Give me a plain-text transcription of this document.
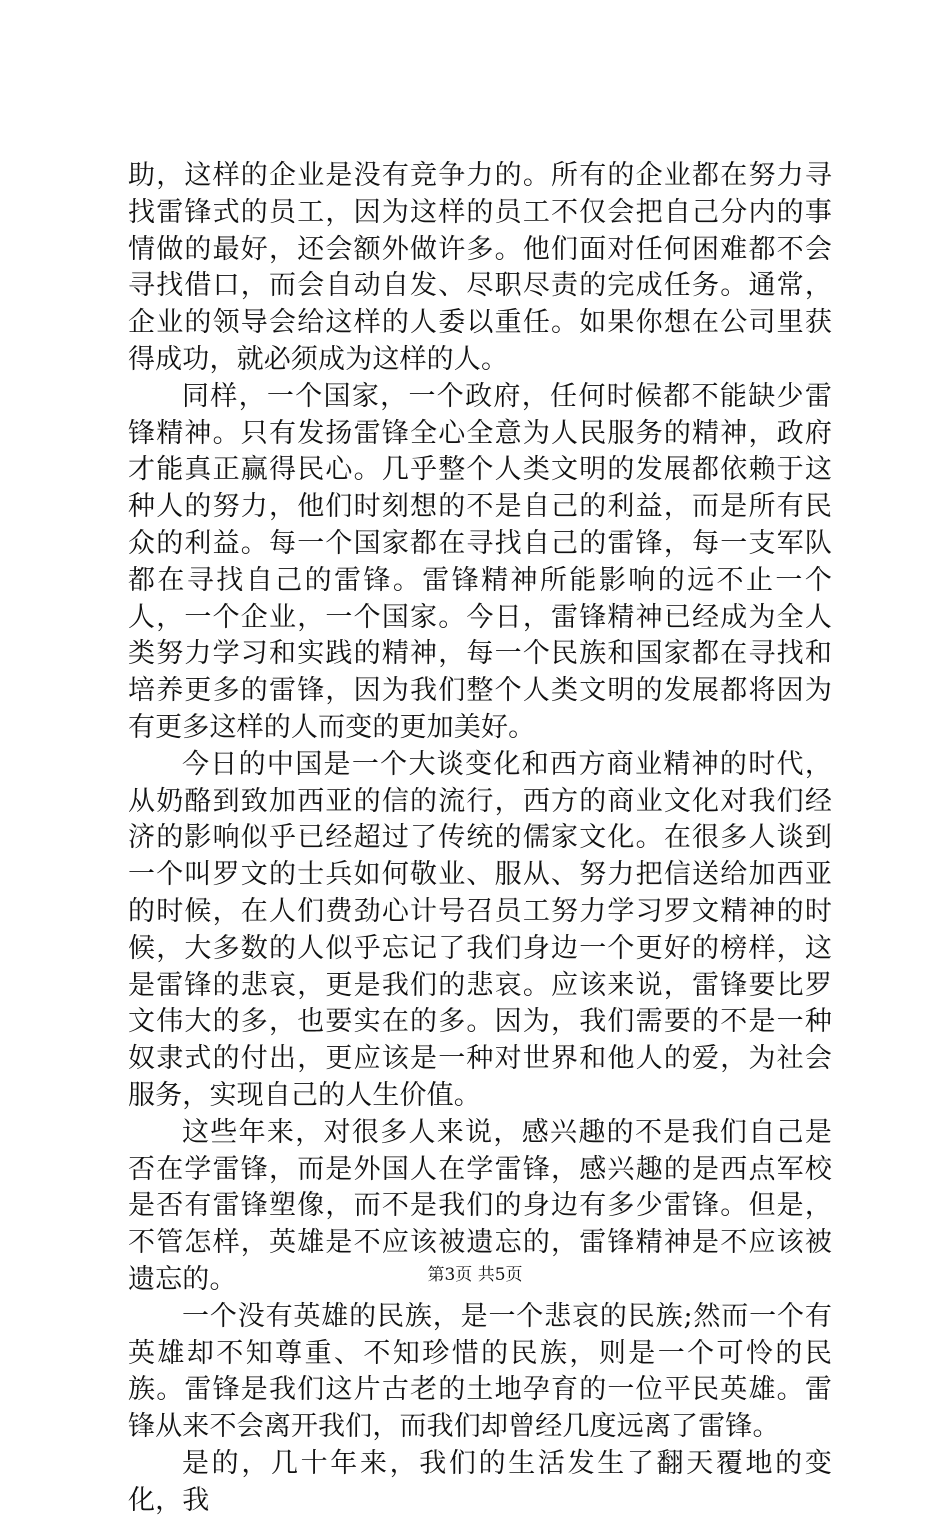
助，这样的企业是没有竞争力的。所有的企业都在努力寻找雷锋式的员工，因为这样的员工不仅会把自己分内的事情做的最好，还会额外做许多。他们面对任何困难都不会寻找借口，而会自动自发、尽职尽责的完成任务。通常，企业的领导会给这样的人委以重任。如果你想在公司里获得成功，就必须成为这样的人。

同样，一个国家，一个政府，任何时候都不能缺少雷锋精神。只有发扬雷锋全心全意为人民服务的精神，政府才能真正赢得民心。几乎整个人类文明的发展都依赖于这种人的努力，他们时刻想的不是自己的利益，而是所有民众的利益。每一个国家都在寻找自己的雷锋，每一支军队都在寻找自己的雷锋。雷锋精神所能影响的远不止一个人，一个企业，一个国家。今日，雷锋精神已经成为全人类努力学习和实践的精神，每一个民族和国家都在寻找和培养更多的雷锋，因为我们整个人类文明的发展都将因为有更多这样的人而变的更加美好。

今日的中国是一个大谈变化和西方商业精神的时代，从奶酪到致加西亚的信的流行，西方的商业文化对我们经济的影响似乎已经超过了传统的儒家文化。在很多人谈到一个叫罗文的士兵如何敬业、服从、努力把信送给加西亚的时候，在人们费劲心计号召员工努力学习罗文精神的时候，大多数的人似乎忘记了我们身边一个更好的榜样，这是雷锋的悲哀，更是我们的悲哀。应该来说，雷锋要比罗文伟大的多，也要实在的多。因为，我们需要的不是一种奴隶式的付出，更应该是一种对世界和他人的爱，为社会服务，实现自己的人生价值。

这些年来，对很多人来说，感兴趣的不是我们自己是否在学雷锋，而是外国人在学雷锋，感兴趣的是西点军校是否有雷锋塑像，而不是我们的身边有多少雷锋。但是，不管怎样，英雄是不应该被遗忘的，雷锋精神是不应该被遗忘的。

一个没有英雄的民族，是一个悲哀的民族;然而一个有英雄却不知尊重、不知珍惜的民族，则是一个可怜的民族。雷锋是我们这片古老的土地孕育的一位平民英雄。雷锋从来不会离开我们，而我们却曾经几度远离了雷锋。

是的，几十年来，我们的生活发生了翻天覆地的变化，我

第3页 共5页
